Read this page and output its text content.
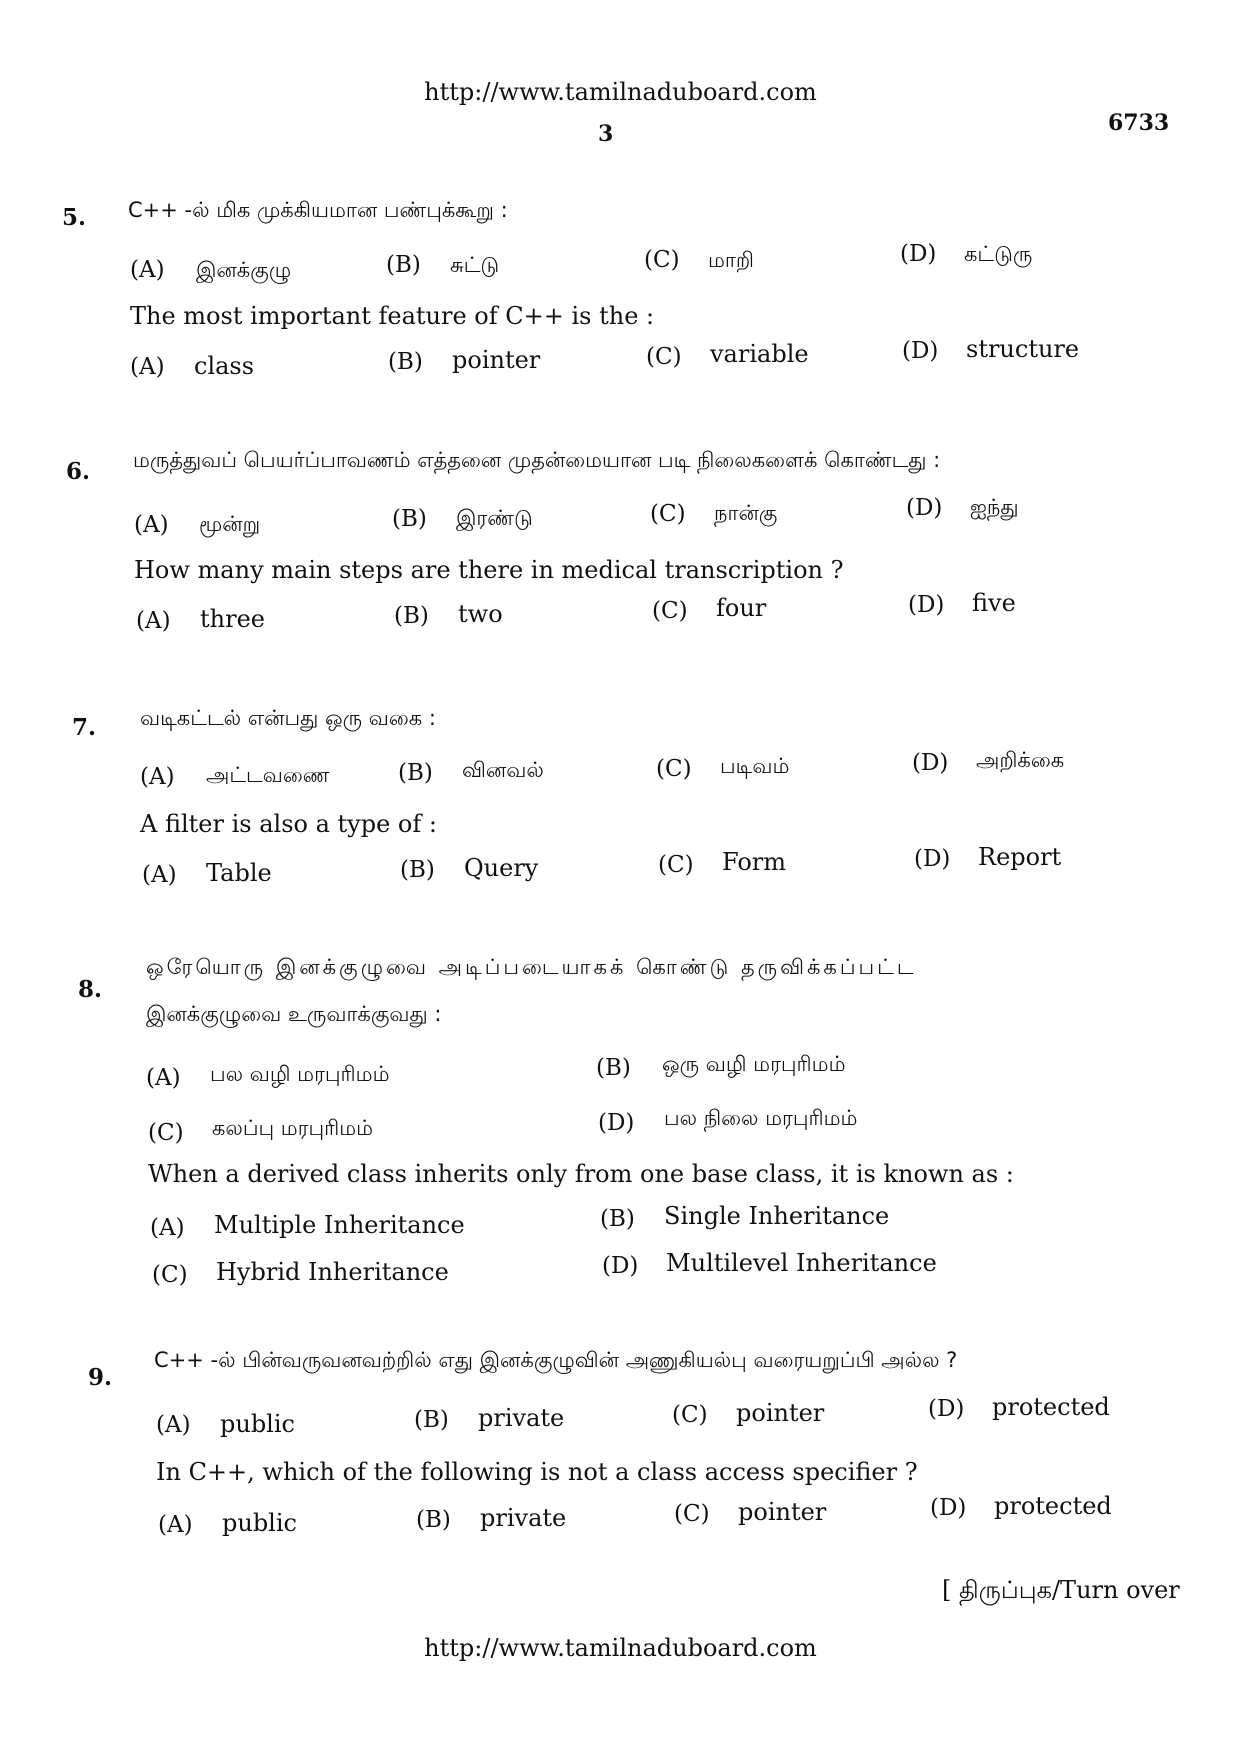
http://www.tamilnaduboard.com
3	6733
5. C++ -ல் மிக முக்கியமான பண்புக்கூறு :
(A) இனக்குழு	(B) சுட்டு	(C) மாறி	(D) கட்டுரு
The most important feature of C++ is the :
(A) class	(B) pointer	(C) variable	(D) structure
6. மருத்துவப் பெயர்ப்பாவணம் எத்தனை முதன்மையான படி நிலைகளைக் கொண்டது :
(A) மூன்று	(B) இரண்டு	(C) நான்கு	(D) ஐந்து
How many main steps are there in medical transcription ?
(A) three	(B) two	(C) four	(D) five
7. வடிகட்டல் என்பது ஒரு வகை :
(A) அட்டவணை	(B) வினவல்	(C) படிவம்	(D) அறிக்கை
A filter is also a type of :
(A) Table	(B) Query	(C) Form	(D) Report
8.
ஒரேயொரு இனக்குழுவை அடிப்படையாகக் கொண்டு தருவிக்கப்பட்ட
இனக்குழுவை உருவாக்குவது :
(A) பல வழி மரபுரிமம்	(B) ஒரு வழி மரபுரிமம்
(C) கலப்பு மரபுரிமம்	(D) பல நிலை மரபுரிமம்
When a derived class inherits only from one base class, it is known as :
(A) Multiple Inheritance	(B) Single Inheritance
(C) Hybrid Inheritance	(D) Multilevel Inheritance
9.
C++ -ல் பின்வருவனவற்றில் எது இனக்குழுவின் அணுகியல்பு வரையறுப்பி அல்ல ?
(A) public	(B) private	(C) pointer	(D) protected
In C++, which of the following is not a class access specifier ?
(A) public	(B) private	(C) pointer	(D) protected
[ திருப்புக/Turn over
http://www.tamilnaduboard.com
